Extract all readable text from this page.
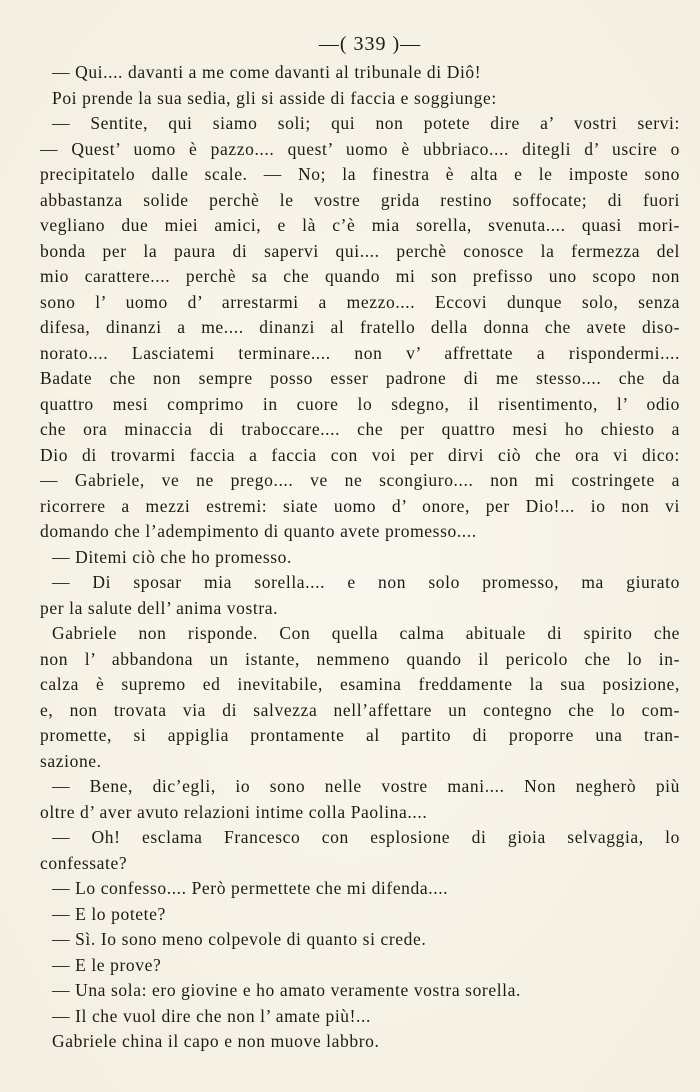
—( 339 )—
— Qui.... davanti a me come davanti al tribunale di Diô!
Poi prende la sua sedia, gli si asside di faccia e soggiunge:
— Sentite, qui siamo soli; qui non potete dire a’ vostri servi:
— Quest’ uomo è pazzo.... quest’ uomo è ubbriaco.... ditegli d’ uscire o
precipitatelo dalle scale. — No; la finestra è alta e le imposte sono
abbastanza solide perchè le vostre grida restino soffocate; di fuori
vegliano due miei amici, e là c’è mia sorella, svenuta.... quasi mori-
bonda per la paura di sapervi qui.... perchè conosce la fermezza del
mio carattere.... perchè sa che quando mi son prefisso uno scopo non
sono l’ uomo d’ arrestarmi a mezzo.... Eccovi dunque solo, senza
difesa, dinanzi a me.... dinanzi al fratello della donna che avete diso-
norato.... Lasciatemi terminare.... non v’ affrettate a rispondermi....
Badate che non sempre posso esser padrone di me stesso.... che da
quattro mesi comprimo in cuore lo sdegno, il risentimento, l’ odio
che ora minaccia di traboccare.... che per quattro mesi ho chiesto a
Dio di trovarmi faccia a faccia con voi per dirvi ciò che ora vi dico:
— Gabriele, ve ne prego.... ve ne scongiuro.... non mi costringete a
ricorrere a mezzi estremi: siate uomo d’ onore, per Dio!... io non vi
domando che l’adempimento di quanto avete promesso....
— Ditemi ciò che ho promesso.
— Di sposar mia sorella.... e non solo promesso, ma giurato
per la salute dell’ anima vostra.
Gabriele non risponde. Con quella calma abituale di spirito che
non l’ abbandona un istante, nemmeno quando il pericolo che lo in-
calza è supremo ed inevitabile, esamina freddamente la sua posizione,
e, non trovata via di salvezza nell’affettare un contegno che lo com-
promette, si appiglia prontamente al partito di proporre una tran-
sazione.
— Bene, dic’egli, io sono nelle vostre mani.... Non negherò più
oltre d’ aver avuto relazioni intime colla Paolina....
— Oh! esclama Francesco con esplosione di gioia selvaggia, lo
confessate?
— Lo confesso.... Però permettete che mi difenda....
— E lo potete?
— Sì. Io sono meno colpevole di quanto si crede.
— E le prove?
— Una sola: ero giovine e ho amato veramente vostra sorella.
— Il che vuol dire che non l’ amate più!...
Gabriele china il capo e non muove labbro.
